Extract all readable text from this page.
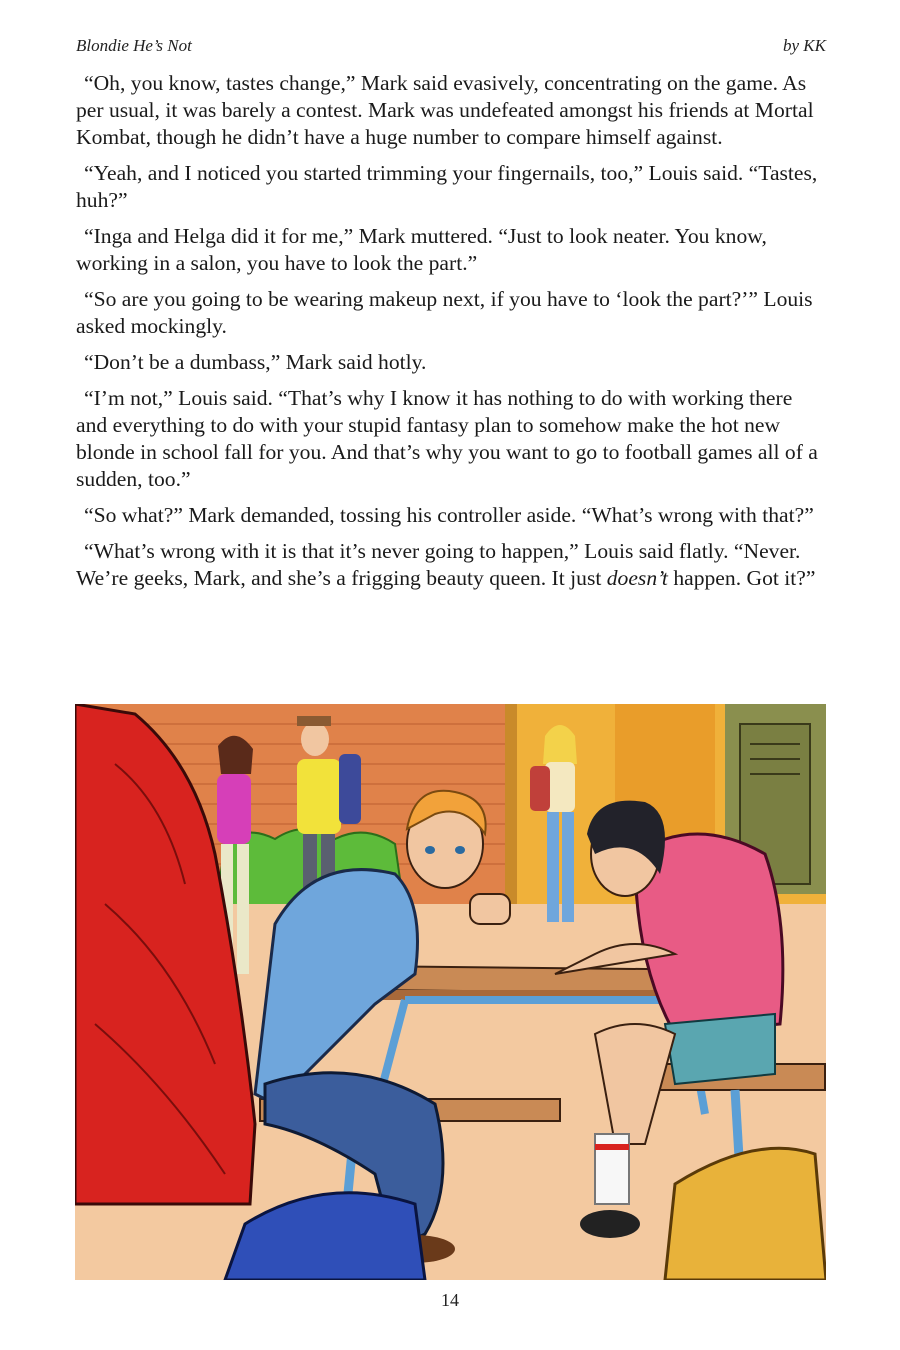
Blondie He’s Not	by KK

“Oh, you know, tastes change,” Mark said evasively, concentrating on the game. As per usual, it was barely a contest. Mark was undefeated amongst his friends at Mortal Kombat, though he didn’t have a huge number to compare himself against.

“Yeah, and I noticed you started trimming your fingernails, too,” Louis said. “Tastes, huh?”

“Inga and Helga did it for me,” Mark muttered. “Just to look neater. You know, working in a salon, you have to look the part.”

“So are you going to be wearing makeup next, if you have to ‘look the part?’” Louis asked mockingly.

“Don’t be a dumbass,” Mark said hotly.

“I’m not,” Louis said. “That’s why I know it has nothing to do with working there and everything to do with your stupid fantasy plan to somehow make the hot new blonde in school fall for you. And that’s why you want to go to football games all of a sudden, too.”

“So what?” Mark demanded, tossing his controller aside. “What’s wrong with that?”

“What’s wrong with it is that it’s never going to happen,” Louis said flatly. “Never. We’re geeks, Mark, and she’s a frigging beauty queen. It just doesn’t happen. Got it?”

14
